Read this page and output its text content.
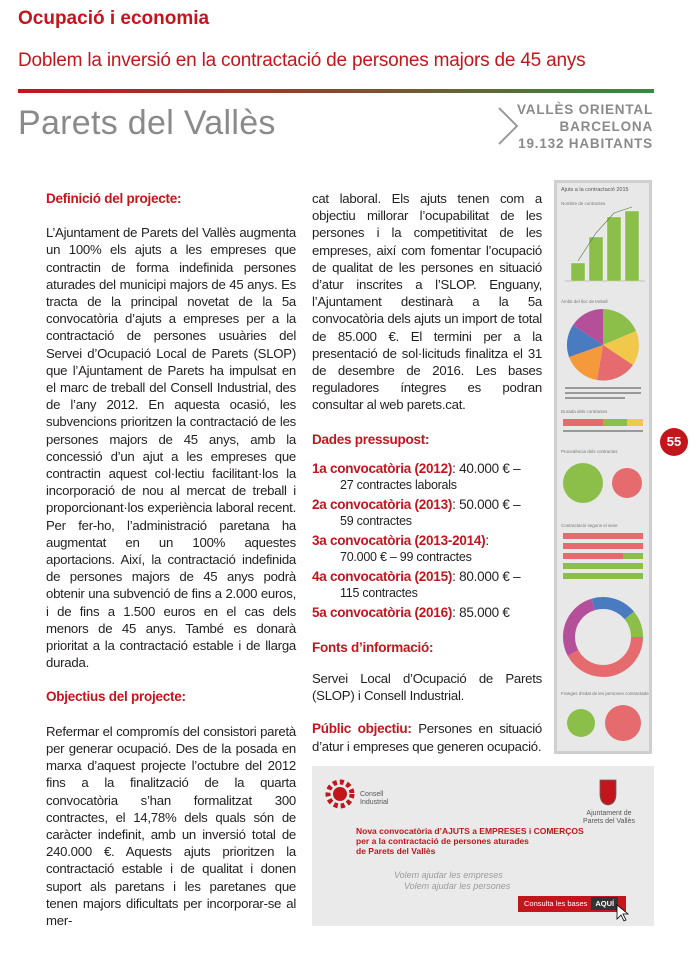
Ocupació i economia
Doblem la inversió en la contractació de persones majors de 45 anys
Parets del Vallès	VALLÈS ORIENTAL
BARCELONA
19.132 HABITANTS
Definició del projecte:

L’Ajuntament de Parets del Vallès augmenta un 100% els ajuts a les empreses que contractin de forma indefinida persones aturades del municipi majors de 45 anys. Es tracta de la principal novetat de la 5a convocatòria d’ajuts a empreses per a la contractació de persones usuàries del Servei d’Ocupació Local de Parets (SLOP) que l’Ajuntament de Parets ha impulsat en el marc de treball del Consell Industrial, des de l’any 2012. En aquesta ocasió, les subvencions prioritzen la contractació de les persones majors de 45 anys, amb la concessió d’un ajut a les empreses que contractin aquest col·lectiu facilitant·los la incorporació de nou al mercat de treball i proporcionant·los experiència laboral recent. Per fer-ho, l’administració paretana ha augmentat en un 100% aquestes aportacions. Així, la contractació indefinida de persones majors de 45 anys podrà obtenir una subvenció de fins a 2.000 euros, i de fins a 1.500 euros en el cas dels menors de 45 anys. També es donarà prioritat a la contractació estable i de llarga durada.

Objectius del projecte:

Refermar el compromís del consistori paretà per generar ocupació. Des de la posada en marxa d’aquest projecte l’octubre del 2012 fins a la finalització de la quarta convocatòria s’han formalitzat 300 contractes, el 14,78% dels quals són de caràcter indefinit, amb un inversió total de 240.000 €. Aquests ajuts prioritzen la contractació estable i de qualitat i donen suport als paretans i les paretanes que tenen majors dificultats per incorporar-se al mer-

cat laboral. Els ajuts tenen com a objectiu millorar l’ocupabilitat de les persones i la competitivitat de les empreses, així com fomentar l’ocupació de qualitat de les persones en situació d’atur inscrites a l’SLOP. Enguany, l’Ajuntament destinarà a la 5a convocatòria dels ajuts un import de total de 85.000 €. El termini per a la presentació de sol·licituds finalitza el 31 de desembre de 2016. Les bases reguladores íntegres es podran consultar al web parets.cat.

Dades pressupost:
1a convocatòria (2012): 40.000 € –
27 contractes laborals
2a convocatòria (2013): 50.000 € –
59 contractes
3a convocatòria (2013-2014):
70.000 € – 99 contractes
4a convocatòria (2015): 80.000 € –
115 contractes
5a convocatòria (2016): 85.000 €
Fonts d’informació:

Servei Local d’Ocupació de Parets (SLOP) i Consell Industrial.

Públic objectiu: Persones en situació d’atur i empreses que generen ocupació.

Ajuts a la contractació 2015
Nombre de contractes
Àmbit del lloc de treball
Durada dels contractes
Procedència dels contractes
Contractació segons el sexe
Franges d'edat de les persones contractades
55
Consell
Industrial
Ajuntament de
Parets del Vallès
Nova convocatòria d’AJUTS a EMPRESES i COMERÇOS
per a la contractació de persones aturades
de Parets del Vallès
Volem ajudar les empreses
Volem ajudar les persones
Consulta les bases AQUÍ
